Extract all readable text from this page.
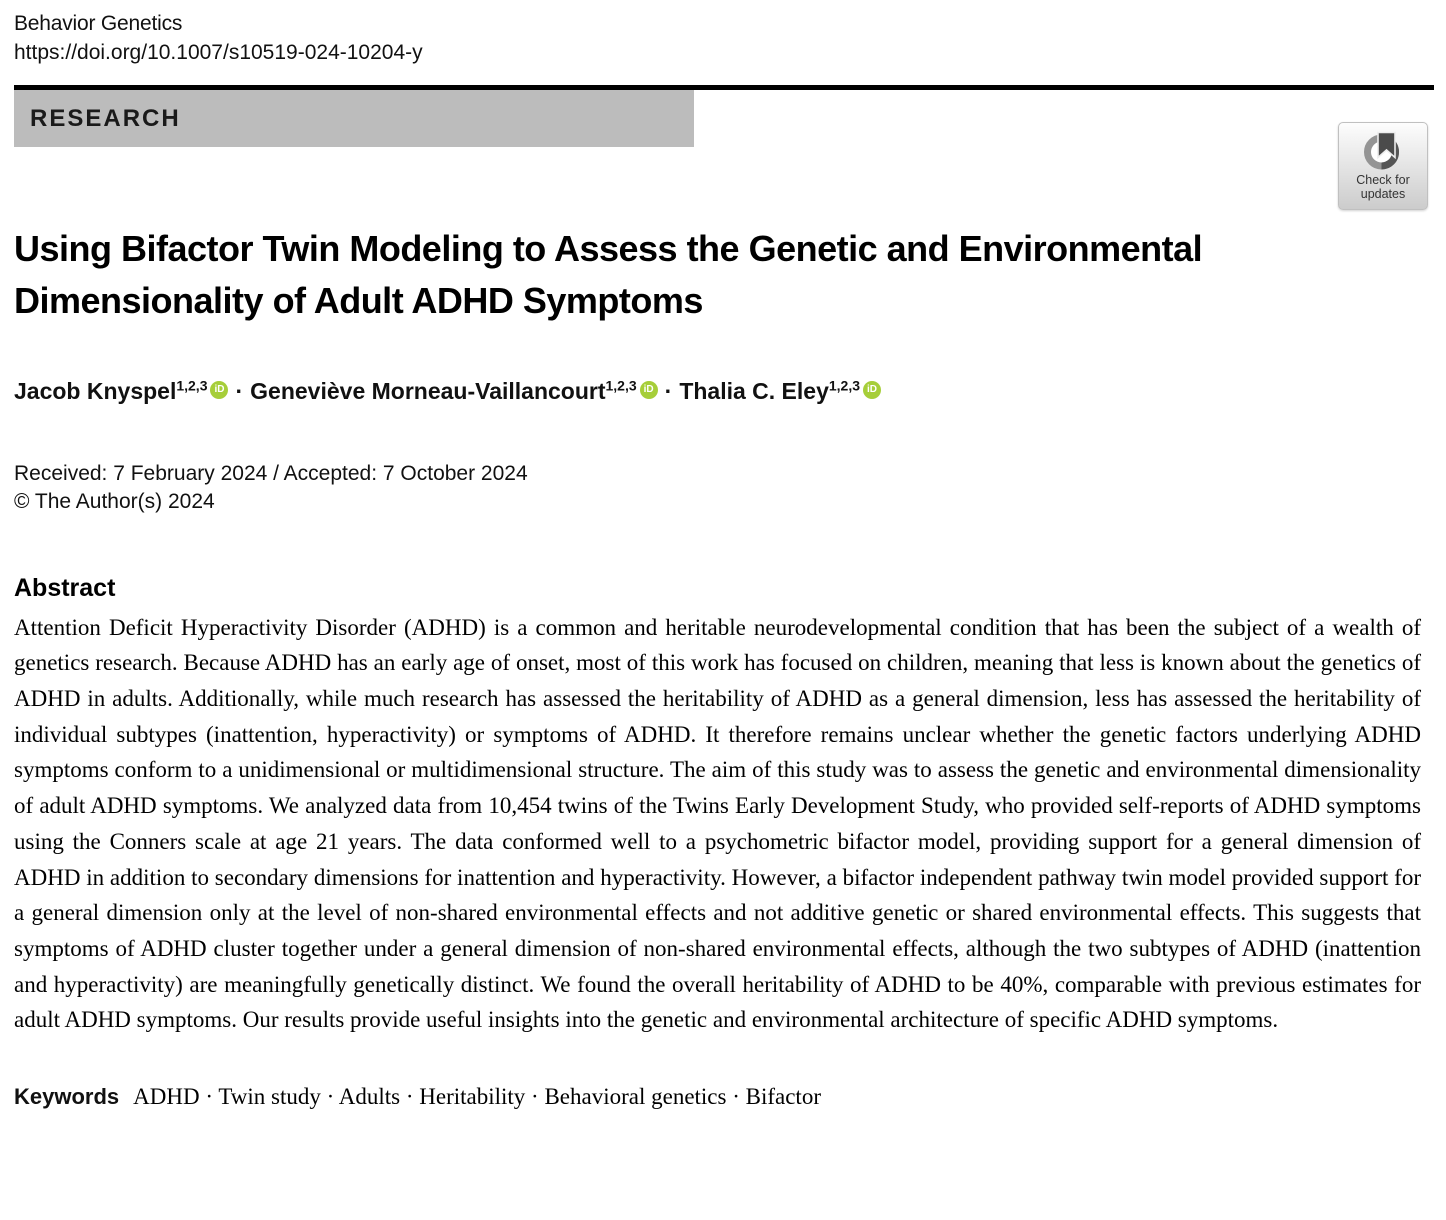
Behavior Genetics
https://doi.org/10.1007/s10519-024-10204-y
RESEARCH
Check for
updates
Using Bifactor Twin Modeling to Assess the Genetic and Environmental Dimensionality of Adult ADHD Symptoms
Jacob Knyspel$^{1,2,3}$ iD · Geneviève Morneau-Vaillancourt$^{1,2,3}$ iD · Thalia C. Eley$^{1,2,3}$ iD
Received: 7 February 2024 / Accepted: 7 October 2024
© The Author(s) 2024
Abstract

Attention Deficit Hyperactivity Disorder (ADHD) is a common and heritable neurodevelopmental condition that has been the subject of a wealth of genetics research. Because ADHD has an early age of onset, most of this work has focused on children, meaning that less is known about the genetics of ADHD in adults. Additionally, while much research has assessed the heritability of ADHD as a general dimension, less has assessed the heritability of individual subtypes (inattention, hyperactivity) or symptoms of ADHD. It therefore remains unclear whether the genetic factors underlying ADHD symptoms conform to a unidimensional or multidimensional structure. The aim of this study was to assess the genetic and environmental dimensionality of adult ADHD symptoms. We analyzed data from 10,454 twins of the Twins Early Development Study, who provided self-reports of ADHD symptoms using the Conners scale at age 21 years. The data conformed well to a psychometric bifactor model, providing support for a general dimension of ADHD in addition to secondary dimensions for inattention and hyperactivity. However, a bifactor independent pathway twin model provided support for a general dimension only at the level of non-shared environmental effects and not additive genetic or shared environmental effects. This suggests that symptoms of ADHD cluster together under a general dimension of non-shared environmental effects, although the two subtypes of ADHD (inattention and hyperactivity) are meaningfully genetically distinct. We found the overall heritability of ADHD to be 40%, comparable with previous estimates for adult ADHD symptoms. Our results provide useful insights into the genetic and environmental architecture of specific ADHD symptoms.

Keywords ADHD · Twin study · Adults · Heritability · Behavioral genetics · Bifactor
